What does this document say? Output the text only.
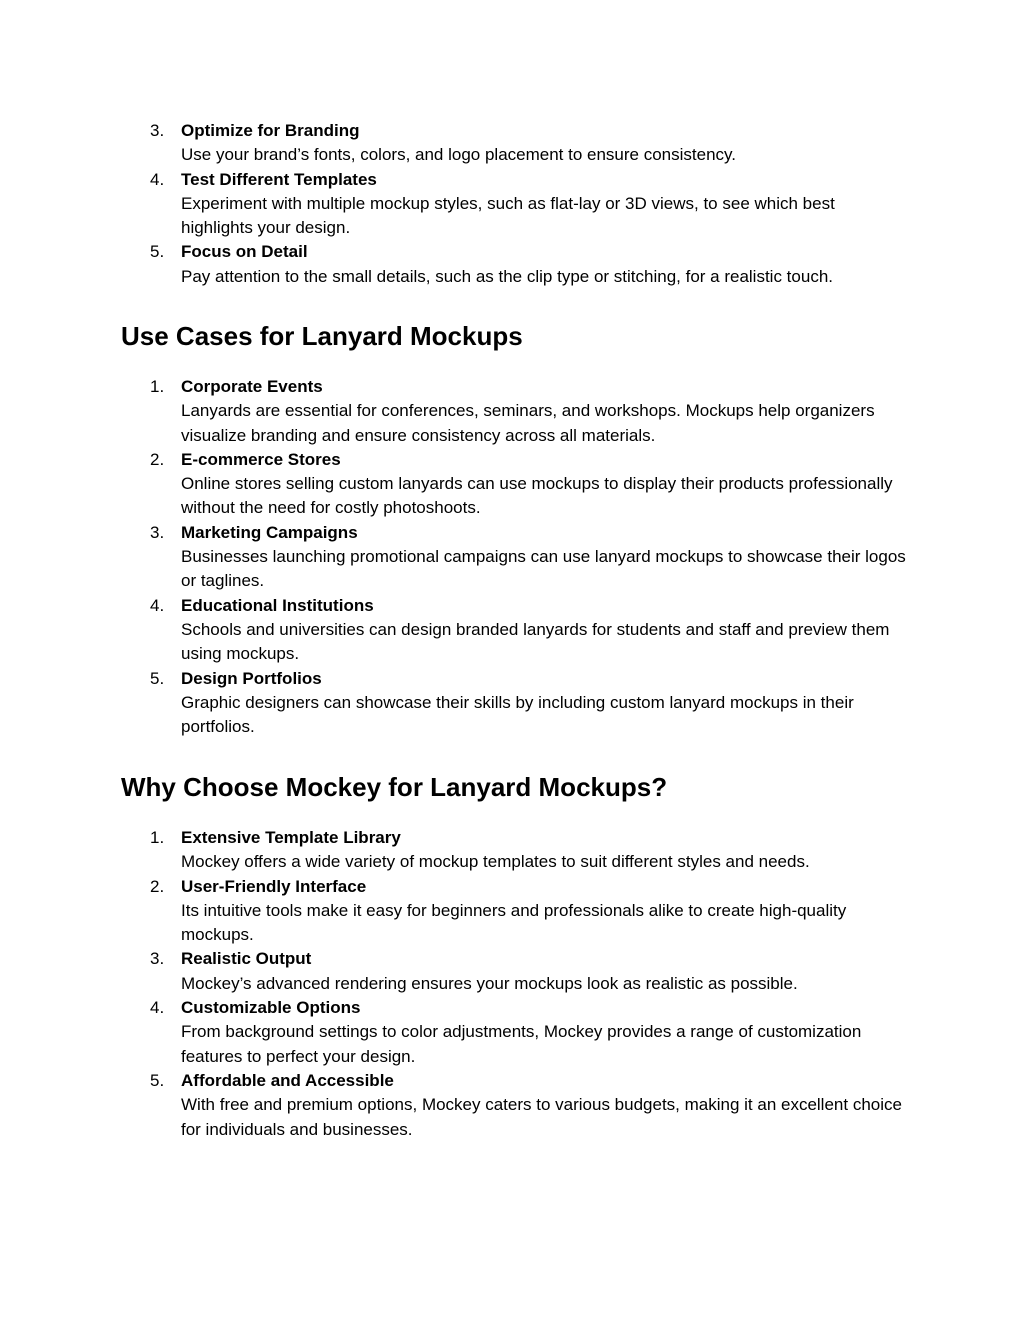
3. Optimize for Branding
Use your brand’s fonts, colors, and logo placement to ensure consistency.
4. Test Different Templates
Experiment with multiple mockup styles, such as flat-lay or 3D views, to see which best highlights your design.
5. Focus on Detail
Pay attention to the small details, such as the clip type or stitching, for a realistic touch.
Use Cases for Lanyard Mockups
1. Corporate Events
Lanyards are essential for conferences, seminars, and workshops. Mockups help organizers visualize branding and ensure consistency across all materials.
2. E-commerce Stores
Online stores selling custom lanyards can use mockups to display their products professionally without the need for costly photoshoots.
3. Marketing Campaigns
Businesses launching promotional campaigns can use lanyard mockups to showcase their logos or taglines.
4. Educational Institutions
Schools and universities can design branded lanyards for students and staff and preview them using mockups.
5. Design Portfolios
Graphic designers can showcase their skills by including custom lanyard mockups in their portfolios.
Why Choose Mockey for Lanyard Mockups?
1. Extensive Template Library
Mockey offers a wide variety of mockup templates to suit different styles and needs.
2. User-Friendly Interface
Its intuitive tools make it easy for beginners and professionals alike to create high-quality mockups.
3. Realistic Output
Mockey’s advanced rendering ensures your mockups look as realistic as possible.
4. Customizable Options
From background settings to color adjustments, Mockey provides a range of customization features to perfect your design.
5. Affordable and Accessible
With free and premium options, Mockey caters to various budgets, making it an excellent choice for individuals and businesses.
